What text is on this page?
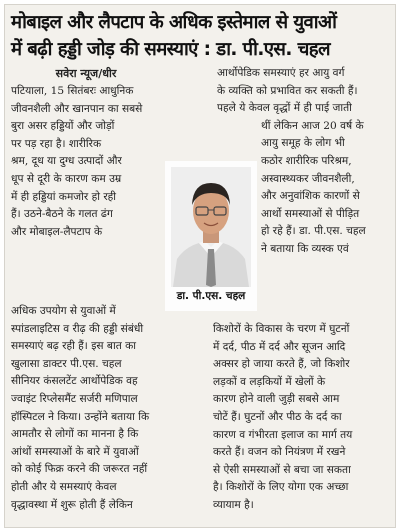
मोबाइल और लैपटाप के अधिक इस्तेमाल से युवाओं
में बढ़ी हड्डी जोड़ की समस्याएं : डा. पी.एस. चहल
सवेरा न्यूज/धीर
पटियाला, 15 सितंबरः आधुनिक
जीवनशैली और खानपान का सबसे
बुरा असर हड्डियों और जोड़ों
पर पड़ रहा है। शारीरिक
श्रम, दूध या दुग्ध उत्पादों और
धूप से दूरी के कारण कम उम्र
में ही हड्डियां कमजोर हो रही
हैं। उठने-बैठने के गलत ढंग
और मोबाइल-लैपटाप के
आर्थोपेडिक समस्याएं हर आयु वर्ग
के व्यक्ति को प्रभावित कर सकती हैं।
पहले ये केवल वृद्धों में ही पाई जाती
थीं लेकिन आज 20 वर्ष के
आयु समूह के लोग भी
कठोर शारीरिक परिश्रम,
अस्वास्थ्यकर जीवनशैली,
और अनुवांशिक कारणों से
आर्थो समस्याओं से पीड़ित
हो रहे हैं। डा. पी.एस. चहल
ने बताया कि व्यस्क एवं
डा. पी.एस. चहल
अधिक उपयोग से युवाओं में
स्पांडलाइटिस व रीढ़ की हड्डी संबंधी
समस्याएं बढ़ रही हैं। इस बात का
खुलासा डाक्टर पी.एस. चहल
सीनियर कंसलटेंट आर्थोपेडिक वह
ज्वाइंट रिप्लेसमैंट सर्जरी मणिपाल
हॉस्पिटल ने किया। उन्होंने बताया कि
आमतौर से लोगों का मानना है कि
आंथों समस्याओं के बारे में युवाओं
को कोई फिक्र करने की जरूरत नहीं
होती और ये समस्याएं केवल
वृद्धावस्था में शुरू होती हैं लेकिन
किशोरों के विकास के चरण में घुटनों
में दर्द, पीठ में दर्द और सूजन आदि
अक्सर हो जाया करते हैं, जो किशोर
लड़कों व लड़कियों में खेलों के
कारण होने वाली जुड़ी सबसे आम
चोटें हैं। घुटनों और पीठ के दर्द का
कारण व गंभीरता इलाज का मार्ग तय
करते हैं। वजन को नियंत्रण में रखने
से ऐसी समस्याओं से बचा जा सकता
है। किशोरों के लिए योगा एक अच्छा
व्यायाम है।
